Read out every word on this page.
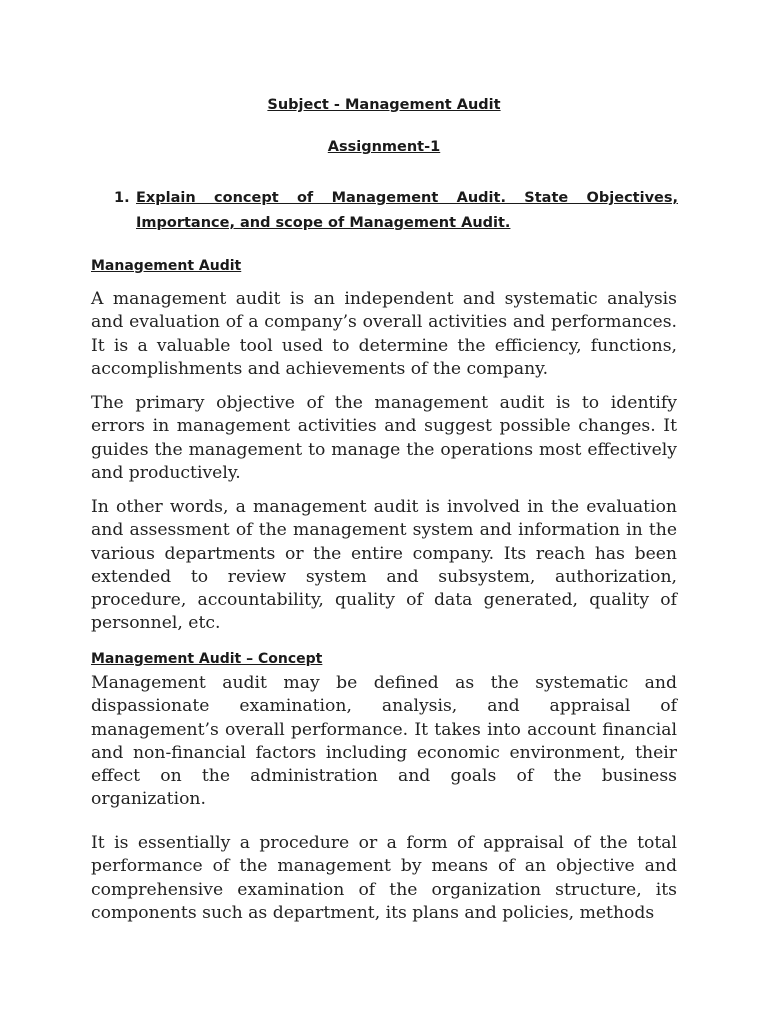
Subject - Management Audit
Assignment-1
1. Explain concept of Management Audit. State Objectives, Importance, and scope of Management Audit.
Management Audit

A management audit is an independent and systematic analysis and evaluation of a company’s overall activities and performances. It is a valuable tool used to determine the efficiency, functions, accomplishments and achievements of the company.

The primary objective of the management audit is to identify errors in management activities and suggest possible changes. It guides the management to manage the operations most effectively and productively.

In other words, a management audit is involved in the evaluation and assessment of the management system and information in the various departments or the entire company. Its reach has been extended to review system and subsystem, authorization, procedure, accountability, quality of data generated, quality of personnel, etc.

Management Audit – Concept

Management audit may be defined as the systematic and dispassionate examination, analysis, and appraisal of management’s overall performance. It takes into account financial and non-financial factors including economic environment, their effect on the administration and goals of the business organization.

It is essentially a procedure or a form of appraisal of the total performance of the management by means of an objective and comprehensive examination of the organization structure, its components such as department, its plans and policies, methods
